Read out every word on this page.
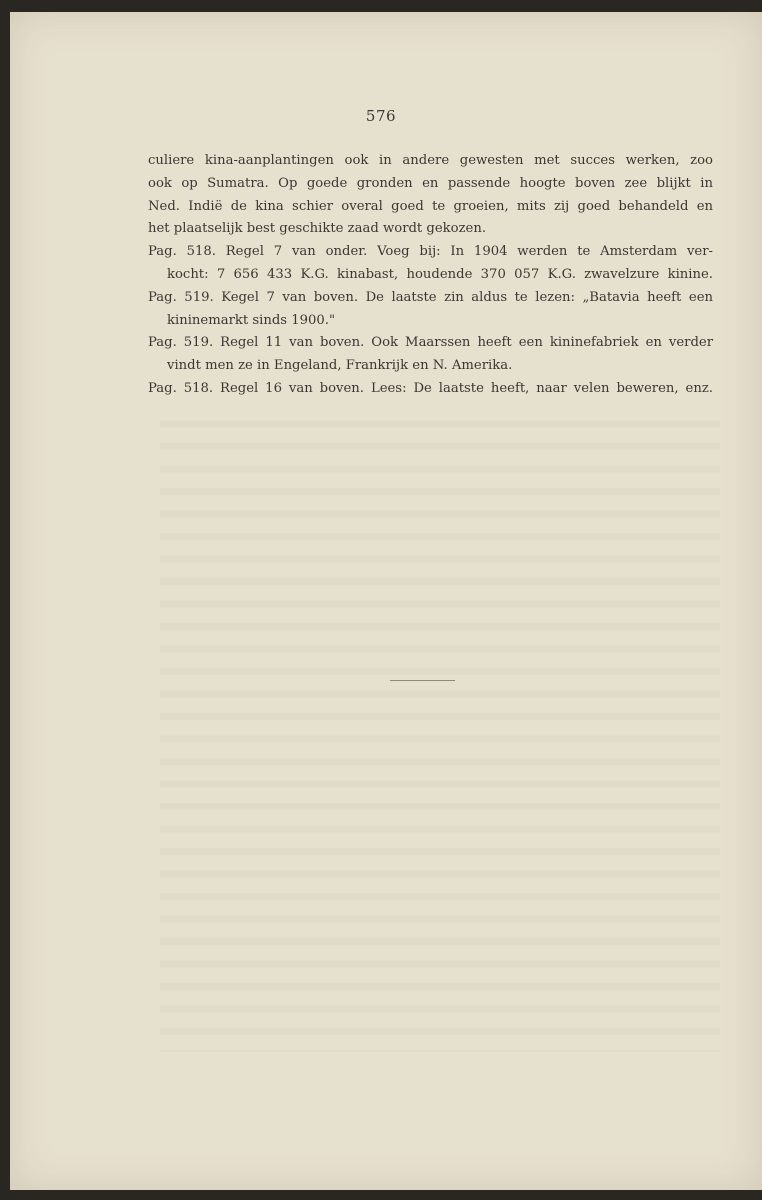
576
culiere kina-aanplantingen ook in andere gewesten met succes werken, zoo
ook op Sumatra. Op goede gronden en passende hoogte boven zee blijkt in
Ned. Indië de kina schier overal goed te groeien, mits zij goed behandeld en
het plaatselijk best geschikte zaad wordt gekozen.
Pag. 518. Regel 7 van onder. Voeg bij: In 1904 werden te Amsterdam ver-
kocht: 7 656 433 K.G. kinabast, houdende 370 057 K.G. zwavelzure kinine.
Pag. 519. Kegel 7 van boven. De laatste zin aldus te lezen: „Batavia heeft een
kininemarkt sinds 1900."
Pag. 519. Regel 11 van boven. Ook Maarssen heeft een kininefabriek en verder
vindt men ze in Engeland, Frankrijk en N. Amerika.
Pag. 518. Regel 16 van boven. Lees: De laatste heeft, naar velen beweren, enz.
